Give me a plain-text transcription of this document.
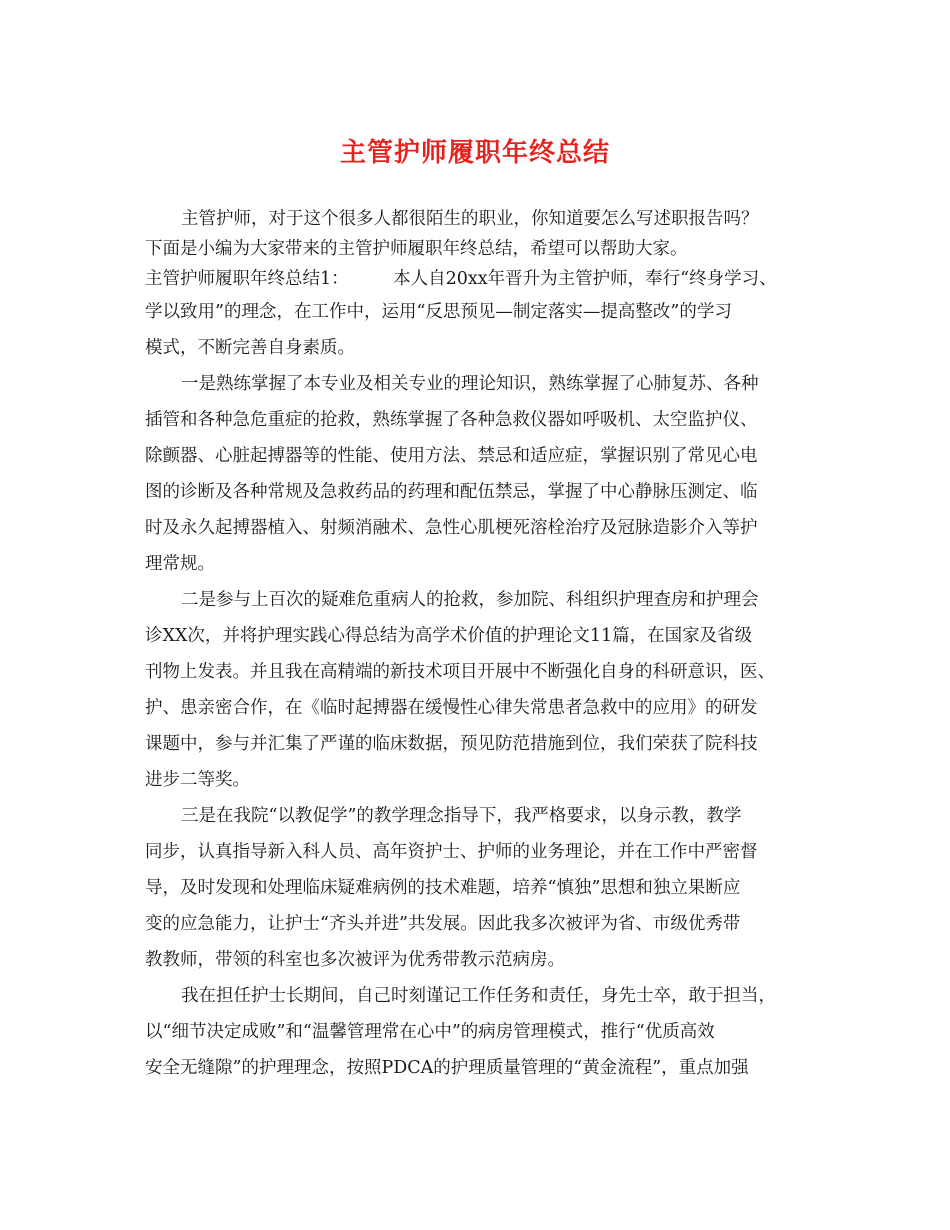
主管护师履职年终总结
主管护师，对于这个很多人都很陌生的职业，你知道要怎么写述职报告吗？
下面是小编为大家带来的主管护师履职年终总结，希望可以帮助大家。
主管护师履职年终总结1：        本人自20xx年晋升为主管护师，奉行“终身学习、
学以致用”的理念，在工作中，运用“反思预见—制定落实—提高整改”的学习
模式，不断完善自身素质。
一是熟练掌握了本专业及相关专业的理论知识，熟练掌握了心肺复苏、各种
插管和各种急危重症的抢救，熟练掌握了各种急救仪器如呼吸机、太空监护仪、
除颤器、心脏起搏器等的性能、使用方法、禁忌和适应症，掌握识别了常见心电
图的诊断及各种常规及急救药品的药理和配伍禁忌，掌握了中心静脉压测定、临
时及永久起搏器植入、射频消融术、急性心肌梗死溶栓治疗及冠脉造影介入等护
理常规。
二是参与上百次的疑难危重病人的抢救，参加院、科组织护理查房和护理会
诊XX次，并将护理实践心得总结为高学术价值的护理论文11篇，在国家及省级
刊物上发表。并且我在高精端的新技术项目开展中不断强化自身的科研意识，医、
护、患亲密合作，在《临时起搏器在缓慢性心律失常患者急救中的应用》的研发
课题中，参与并汇集了严谨的临床数据，预见防范措施到位，我们荣获了院科技
进步二等奖。
三是在我院“以教促学”的教学理念指导下，我严格要求，以身示教，教学
同步，认真指导新入科人员、高年资护士、护师的业务理论，并在工作中严密督
导，及时发现和处理临床疑难病例的技术难题，培养“慎独”思想和独立果断应
变的应急能力，让护士“齐头并进”共发展。因此我多次被评为省、市级优秀带
教教师，带领的科室也多次被评为优秀带教示范病房。
我在担任护士长期间，自己时刻谨记工作任务和责任，身先士卒，敢于担当，
以“细节决定成败”和“温馨管理常在心中”的病房管理模式，推行“优质高效
安全无缝隙”的护理理念，按照PDCA的护理质量管理的“黄金流程”，重点加强
